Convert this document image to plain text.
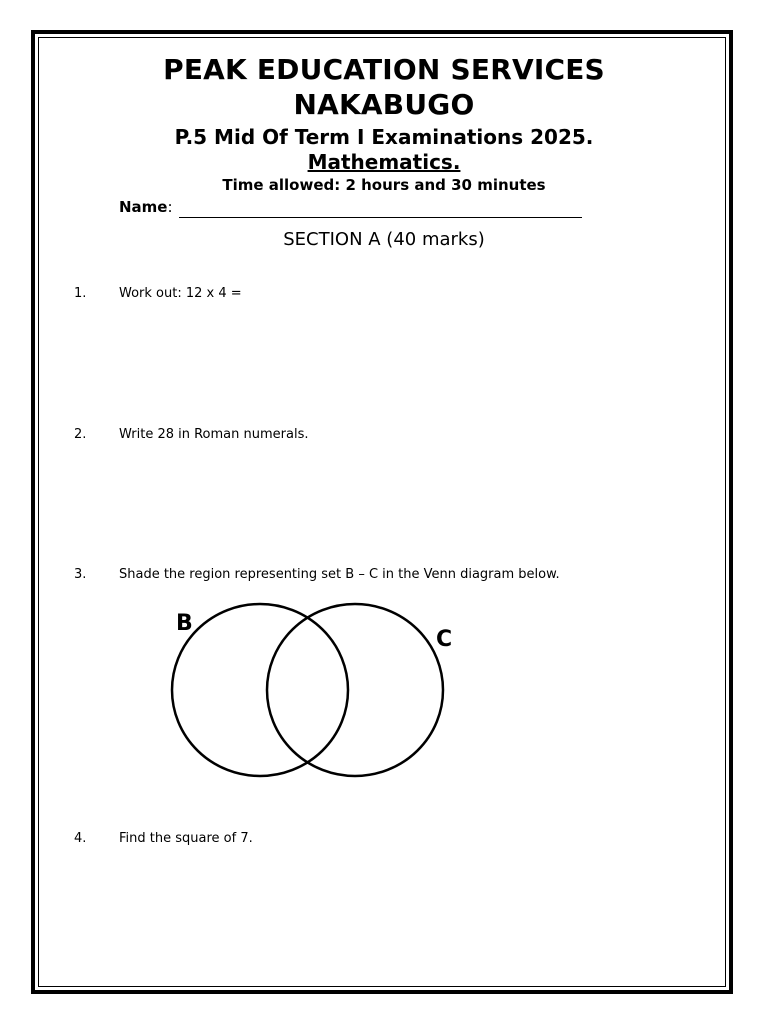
PEAK EDUCATION SERVICES
NAKABUGO
P.5 Mid Of Term I Examinations 2025.
Mathematics.
Time allowed: 2 hours and 30 minutes
Name :
SECTION A (40 marks)
1.	Work out: 12 x 4 =
2.	Write 28 in Roman numerals.
3.	Shade the region representing set B – C in the Venn diagram below.
B
C
4.	Find the square of 7.
